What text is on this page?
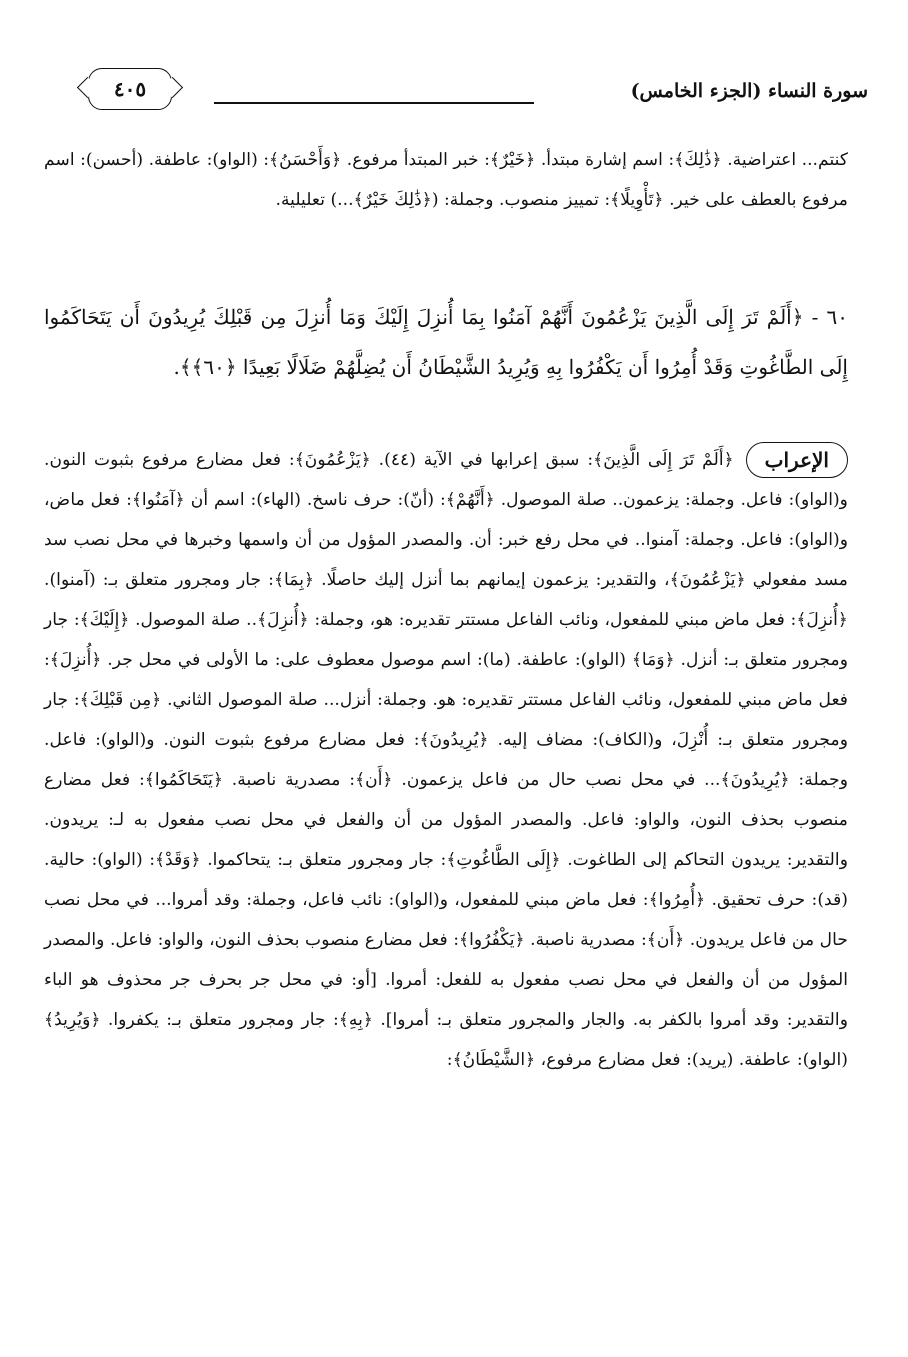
٤٠٥	سورة النساء (الجزء الخامس)

كنتم... اعتراضية. ﴿ذَٰلِكَ﴾: اسم إشارة مبتدأ. ﴿خَيْرٌ﴾: خبر المبتدأ مرفوع. ﴿وَأَحْسَنُ﴾: (الواو): عاطفة. (أحسن): اسم مرفوع بالعطف على خير. ﴿تَأْوِيلًا﴾: تمييز منصوب. وجملة: (﴿ذَٰلِكَ خَيْرٌ﴾...) تعليلية.

٦٠ - ﴿أَلَمْ تَرَ إِلَى الَّذِينَ يَزْعُمُونَ أَنَّهُمْ آمَنُوا بِمَا أُنزِلَ إِلَيْكَ وَمَا أُنزِلَ مِن قَبْلِكَ يُرِيدُونَ أَن يَتَحَاكَمُوا إِلَى الطَّاغُوتِ وَقَدْ أُمِرُوا أَن يَكْفُرُوا بِهِ وَيُرِيدُ الشَّيْطَانُ أَن يُضِلَّهُمْ ضَلَالًا بَعِيدًا ﴿٦٠﴾﴾.

الإعراب
﴿أَلَمْ تَرَ إِلَى الَّذِينَ﴾: سبق إعرابها في الآية (٤٤). ﴿يَزْعُمُونَ﴾: فعل مضارع مرفوع بثبوت النون. و(الواو): فاعل. وجملة: يزعمون.. صلة الموصول. ﴿أَنَّهُمْ﴾: (أنّ): حرف ناسخ. (الهاء): اسم أن ﴿آمَنُوا﴾: فعل ماض، و(الواو): فاعل. وجملة: آمنوا.. في محل رفع خبر: أن. والمصدر المؤول من أن واسمها وخبرها في محل نصب سد مسد مفعولي ﴿يَزْعُمُونَ﴾، والتقدير: يزعمون إيمانهم بما أنزل إليك حاصلًا. ﴿بِمَا﴾: جار ومجرور متعلق بـ: (آمنوا). ﴿أُنزِلَ﴾: فعل ماض مبني للمفعول، ونائب الفاعل مستتر تقديره: هو، وجملة: ﴿أُنزِلَ﴾.. صلة الموصول. ﴿إِلَيْكَ﴾: جار ومجرور متعلق بـ: أنزل. ﴿وَمَا﴾ (الواو): عاطفة. (ما): اسم موصول معطوف على: ما الأولى في محل جر. ﴿أُنزِلَ﴾: فعل ماض مبني للمفعول، ونائب الفاعل مستتر تقديره: هو. وجملة: أنزل... صلة الموصول الثاني. ﴿مِن قَبْلِكَ﴾: جار ومجرور متعلق بـ: أُنْزِلَ، و(الكاف): مضاف إليه. ﴿يُرِيدُونَ﴾: فعل مضارع مرفوع بثبوت النون. و(الواو): فاعل. وجملة: ﴿يُرِيدُونَ﴾... في محل نصب حال من فاعل يزعمون. ﴿أَن﴾: مصدرية ناصبة. ﴿يَتَحَاكَمُوا﴾: فعل مضارع منصوب بحذف النون، والواو: فاعل. والمصدر المؤول من أن والفعل في محل نصب مفعول به لـ: يريدون. والتقدير: يريدون التحاكم إلى الطاغوت. ﴿إِلَى الطَّاغُوتِ﴾: جار ومجرور متعلق بـ: يتحاكموا. ﴿وَقَدْ﴾: (الواو): حالية. (قد): حرف تحقيق. ﴿أُمِرُوا﴾: فعل ماض مبني للمفعول، و(الواو): نائب فاعل، وجملة: وقد أمروا... في محل نصب حال من فاعل يريدون. ﴿أَن﴾: مصدرية ناصبة. ﴿يَكْفُرُوا﴾: فعل مضارع منصوب بحذف النون، والواو: فاعل. والمصدر المؤول من أن والفعل في محل نصب مفعول به للفعل: أمروا. [أو: في محل جر بحرف جر محذوف هو الباء والتقدير: وقد أمروا بالكفر به. والجار والمجرور متعلق بـ: أمروا]. ﴿بِهِ﴾: جار ومجرور متعلق بـ: يكفروا. ﴿وَيُرِيدُ﴾ (الواو): عاطفة. (يريد): فعل مضارع مرفوع، ﴿الشَّيْطَانُ﴾:
